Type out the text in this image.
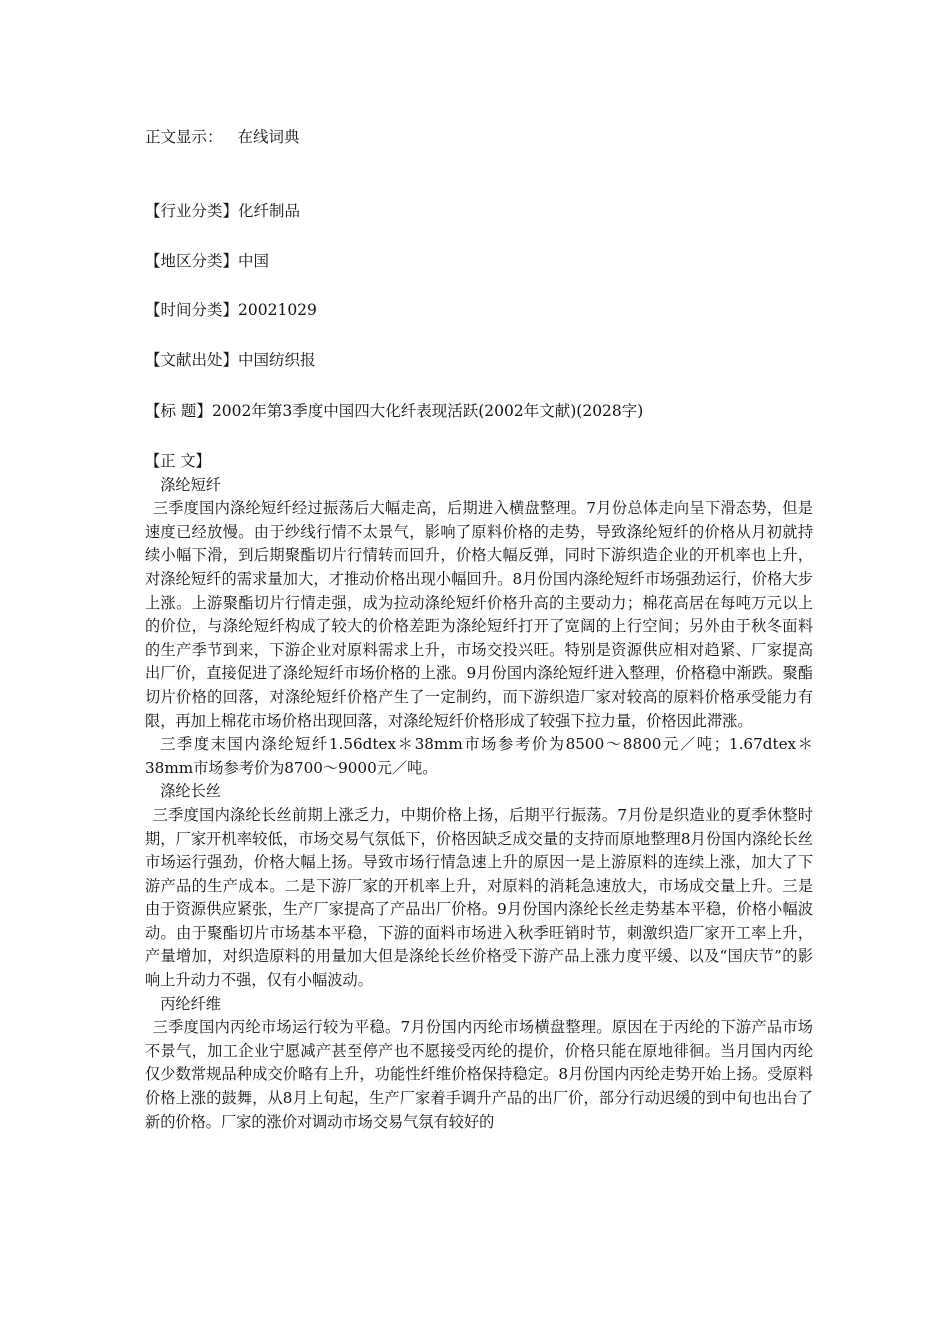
正文显示： 在线词典
【行业分类】化纤制品
【地区分类】中国
【时间分类】20021029
【文献出处】中国纺织报
【标 题】2002年第3季度中国四大化纤表现活跃(2002年文献)(2028字)

【正 文】

涤纶短纤

三季度国内涤纶短纤经过振荡后大幅走高，后期进入横盘整理。7月份总体走向呈下滑态势，但是速度已经放慢。由于纱线行情不太景气，影响了原料价格的走势，导致涤纶短纤的价格从月初就持续小幅下滑，到后期聚酯切片行情转而回升，价格大幅反弹，同时下游织造企业的开机率也上升，对涤纶短纤的需求量加大，才推动价格出现小幅回升。8月份国内涤纶短纤市场强劲运行，价格大步上涨。上游聚酯切片行情走强，成为拉动涤纶短纤价格升高的主要动力；棉花高居在每吨万元以上的价位，与涤纶短纤构成了较大的价格差距为涤纶短纤打开了宽阔的上行空间；另外由于秋冬面料的生产季节到来，下游企业对原料需求上升，市场交投兴旺。特别是资源供应相对趋紧、厂家提高出厂价，直接促进了涤纶短纤市场价格的上涨。9月份国内涤纶短纤进入整理，价格稳中渐跌。聚酯切片价格的回落，对涤纶短纤价格产生了一定制约，而下游织造厂家对较高的原料价格承受能力有限，再加上棉花市场价格出现回落，对涤纶短纤价格形成了较强下拉力量，价格因此滞涨。

三季度末国内涤纶短纤1.56dtex＊38mm市场参考价为8500～8800元／吨；1.67dtex＊38mm市场参考价为8700～9000元／吨。

涤纶长丝

三季度国内涤纶长丝前期上涨乏力，中期价格上扬，后期平行振荡。7月份是织造业的夏季休整时期，厂家开机率较低，市场交易气氛低下，价格因缺乏成交量的支持而原地整理8月份国内涤纶长丝市场运行强劲，价格大幅上扬。导致市场行情急速上升的原因一是上游原料的连续上涨，加大了下游产品的生产成本。二是下游厂家的开机率上升，对原料的消耗急速放大，市场成交量上升。三是由于资源供应紧张，生产厂家提高了产品出厂价格。9月份国内涤纶长丝走势基本平稳，价格小幅波动。由于聚酯切片市场基本平稳，下游的面料市场进入秋季旺销时节，刺激织造厂家开工率上升，产量增加，对织造原料的用量加大但是涤纶长丝价格受下游产品上涨力度平缓、以及“国庆节”的影响上升动力不强，仅有小幅波动。

丙纶纤维

三季度国内丙纶市场运行较为平稳。7月份国内丙纶市场横盘整理。原因在于丙纶的下游产品市场不景气，加工企业宁愿减产甚至停产也不愿接受丙纶的提价，价格只能在原地徘徊。当月国内丙纶仅少数常规品种成交价略有上升，功能性纤维价格保持稳定。8月份国内丙纶走势开始上扬。受原料价格上涨的鼓舞，从8月上旬起，生产厂家着手调升产品的出厂价，部分行动迟缓的到中旬也出台了新的价格。厂家的涨价对调动市场交易气氛有较好的
